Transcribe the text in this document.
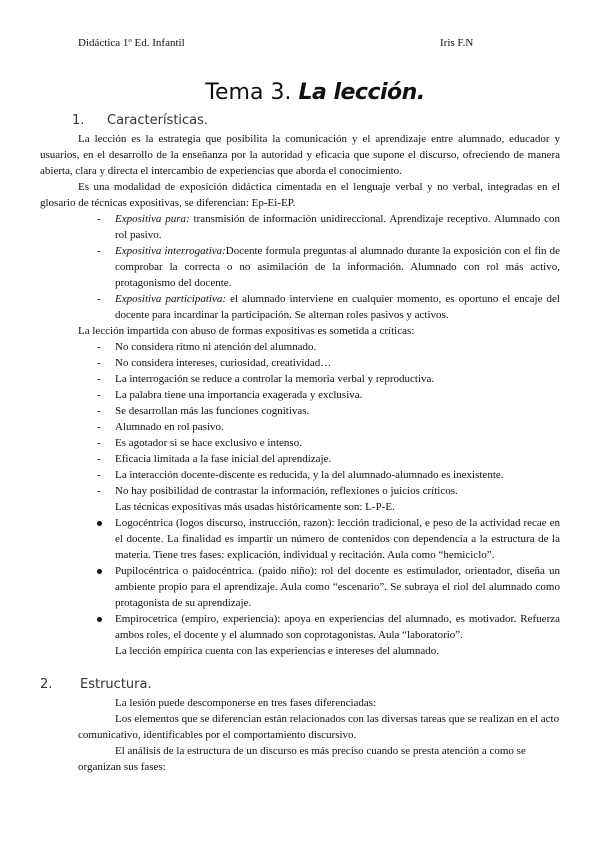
Didáctica 1º Ed. Infantil	Iris F.N
Tema 3. La lección.
1. Características.

La lección es la estrategia que posibilita la comunicación y el aprendizaje entre alumnado, educador y usuarios, en el desarrollo de la enseñanza por la autoridad y eficacia que supone el discurso, ofreciendo de manera abierta, clara y directa el intercambio de experiencias que aborda el conocimiento.

Es una modalidad de exposición didáctica cimentada en el lenguaje verbal y no verbal, integradas en el glosario de técnicas expositivas, se diferencian: Ep-Ei-EP.

- Expositiva pura: transmisión de información unidireccional. Aprendizaje receptivo. Alumnado con rol pasivo.
- Expositiva interrogativa:Docente formula preguntas al alumnado durante la exposición con el fin de comprobar la correcta o no asimilación de la información. Alumnado con rol más activo, protagonismo del docente.
- Expositiva participativa: el alumnado interviene en cualquier momento, es oportuno el encaje del docente para incardinar la participación. Se alternan roles pasivos y activos.

La lección impartida con abuso de formas expositivas es sometida a críticas:

- No considera ritmo ni atención del alumnado.
- No considera intereses, curiosidad, creatividad…
- La interrogación se reduce a controlar la memoria verbal y reproductiva.
- La palabra tiene una importancia exagerada y exclusiva.
- Se desarrollan más las funciones cognitivas.
- Alumnado en rol pasivo.
- Es agotador si se hace exclusivo e intenso.
- Eficacia limitada a la fase inicial del aprendizaje.
- La interacción docente-discente es reducida, y la del alumnado-alumnado es inexistente.
- No hay posibilidad de contrastar la información, reflexiones o juicios críticos.

Las técnicas expositivas más usadas históricamente son: L-P-E.

Logocéntrica (logos discurso, instrucción, razon): lección tradicional, e peso de la actividad recae en el docente. La finalidad es impartir un número de contenidos con dependencia a la estructura de la materia. Tiene tres fases: explicación, individual y recitación. Aula como “hemiciclo”.
Pupilocéntrica o paidocéntrica. (paido niño): rol del docente es estimulador, orientador, diseña un ambiente propio para el aprendizaje. Aula como “escenario”. Se subraya el riol del alumnado como protagonista de su aprendizaje.
Empirocetrica (empiro, experiencia): apoya en experiencias del alumnado, es motivador. Refuerza ambos roles, el docente y el alumnado son coprotagonistas. Aula “laboratorio”.

La lección empírica cuenta con las experiencias e intereses del alumnado.

2. Estructura.

La lesión puede descomponerse en tres fases diferenciadas:

Los elementos que se diferencian están relacionados con las diversas tareas que se realizan en el acto comunicativo, identificables por el comportamiento discursivo.

El análisis de la estructura de un discurso es más preciso cuando se presta atención a como se organizan sus fases:
